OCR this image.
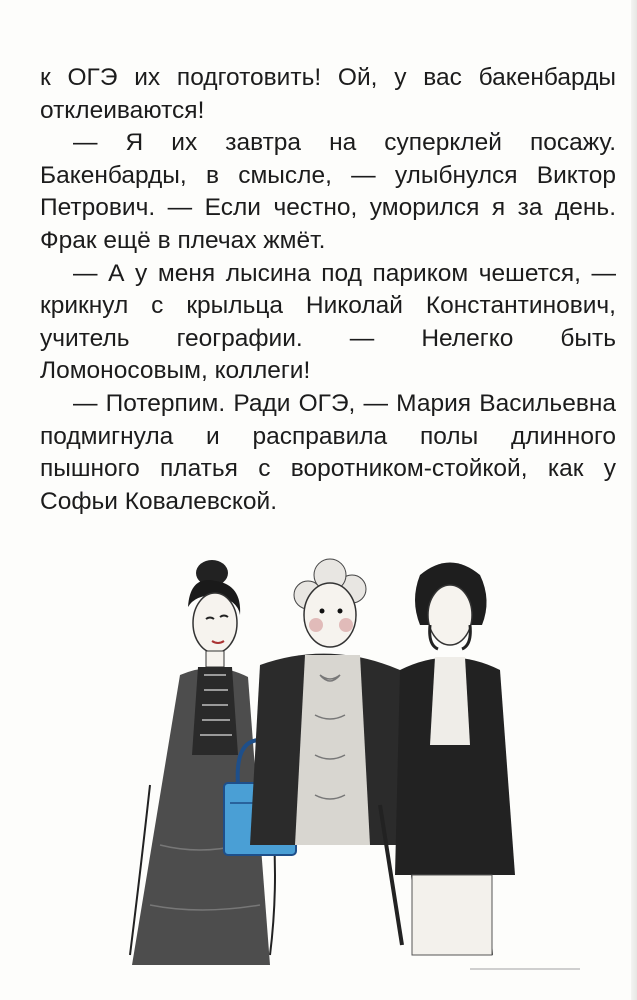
к ОГЭ их подготовить! Ой, у вас бакенбарды отклеиваются!

— Я их завтра на суперклей посажу. Бакенбарды, в смысле, — улыбнулся Виктор Петрович. — Если честно, уморился я за день. Фрак ещё в плечах жмёт.

— А у меня лысина под париком чешется, — крикнул с крыльца Николай Константинович, учитель географии. — Нелегко быть Ломоносовым, коллеги!

— Потерпим. Ради ОГЭ, — Мария Васильевна подмигнула и расправила полы длинного пышного платья с воротником-стойкой, как у Софьи Ковалевской.
